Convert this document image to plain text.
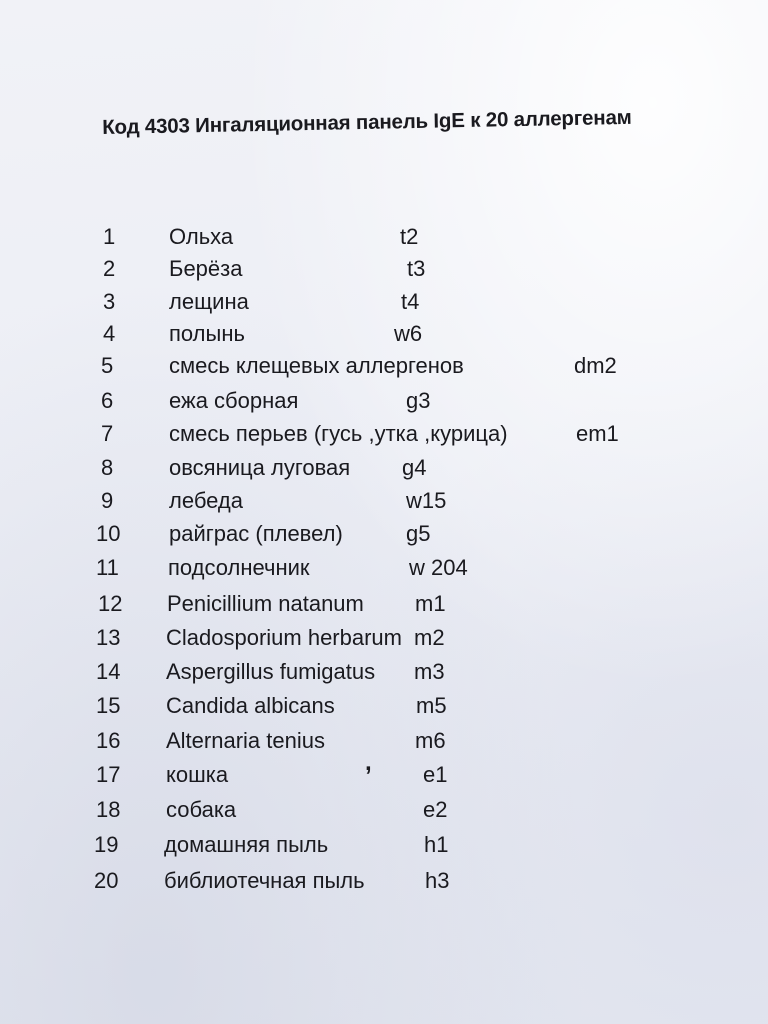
Код 4303 Ингаляционная панель IgE к 20 аллергенам
1 Ольха	t2
2 Берёза	t3
3 лещина	t4
4 полынь	w6
5	смесь клещевых аллергенов	dm2
6	ежа сборная	g3
7	смесь перьев (гусь ,утка ,курица)	em1
8	овсяница луговая g4
9	лебеда	w15
10 райграс (плевел)	g5
11 подсолнечник	w 204
12 Penicillium natanum m1
13 Cladosporium herbarum m2
14 Aspergillus fumigatus m3
15 Candida albicans	m5
16 Alternaria tenius	m6
17 кошка	e1
18 собака	e2
19 домашняя пыль	h1
20 библиотечная пыль	h3
,
